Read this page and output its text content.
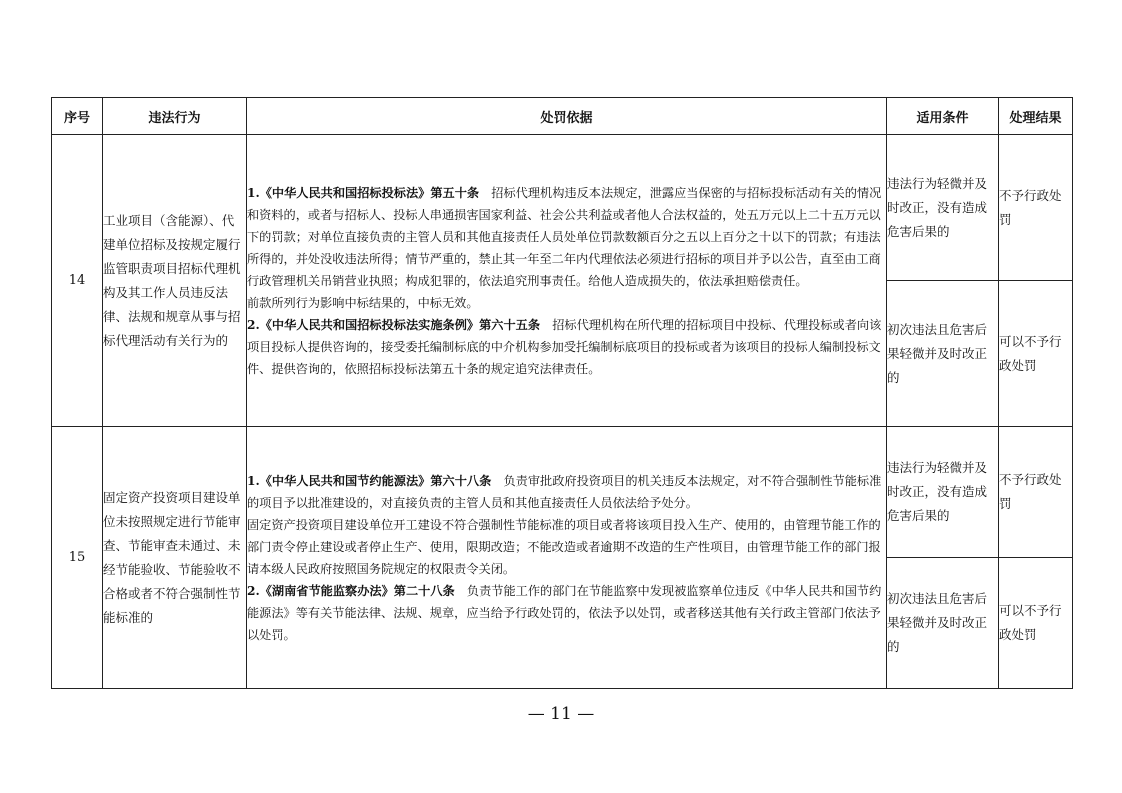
序号	违法行为	处罚依据	适用条件	处理结果
14	工业项目（含能源）、代建单位招标及按规定履行监管职责项目招标代理机构及其工作人员违反法律、法规和规章从事与招标代理活动有关行为的	1.《中华人民共和国招标投标法》第五十条　招标代理机构违反本法规定，泄露应当保密的与招标投标活动有关的情况和资料的，或者与招标人、投标人串通损害国家利益、社会公共利益或者他人合法权益的，处五万元以上二十五万元以下的罚款；对单位直接负责的主管人员和其他直接责任人员处单位罚款数额百分之五以上百分之十以下的罚款；有违法所得的，并处没收违法所得；情节严重的，禁止其一年至二年内代理依法必须进行招标的项目并予以公告，直至由工商行政管理机关吊销营业执照；构成犯罪的，依法追究刑事责任。给他人造成损失的，依法承担赔偿责任。
前款所列行为影响中标结果的，中标无效。
2.《中华人民共和国招标投标法实施条例》第六十五条　招标代理机构在所代理的招标项目中投标、代理投标或者向该项目投标人提供咨询的，接受委托编制标底的中介机构参加受托编制标底项目的投标或者为该项目的投标人编制投标文件、提供咨询的，依照招标投标法第五十条的规定追究法律责任。	违法行为轻微并及时改正，没有造成危害后果的	不予行政处罚
			初次违法且危害后果轻微并及时改正的	可以不予行政处罚
15	固定资产投资项目建设单位未按照规定进行节能审查、节能审查未通过、未经节能验收、节能验收不合格或者不符合强制性节能标准的	1.《中华人民共和国节约能源法》第六十八条　负责审批政府投资项目的机关违反本法规定，对不符合强制性节能标准的项目予以批准建设的，对直接负责的主管人员和其他直接责任人员依法给予处分。
固定资产投资项目建设单位开工建设不符合强制性节能标准的项目或者将该项目投入生产、使用的，由管理节能工作的部门责令停止建设或者停止生产、使用，限期改造；不能改造或者逾期不改造的生产性项目，由管理节能工作的部门报请本级人民政府按照国务院规定的权限责令关闭。
2.《湖南省节能监察办法》第二十八条　负责节能工作的部门在节能监察中发现被监察单位违反《中华人民共和国节约能源法》等有关节能法律、法规、规章，应当给予行政处罚的，依法予以处罚，或者移送其他有关行政主管部门依法予以处罚。	违法行为轻微并及时改正，没有造成危害后果的	不予行政处罚
			初次违法且危害后果轻微并及时改正的	可以不予行政处罚
— 11 —
